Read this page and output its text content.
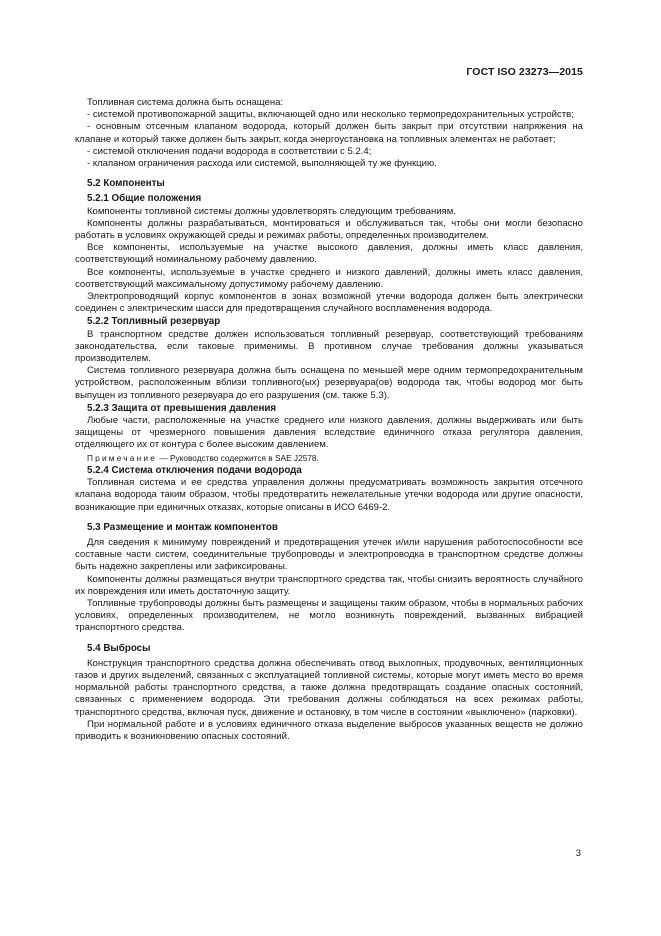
ГОСТ ISO 23273—2015

Топливная система должна быть оснащена:

- системой противопожарной защиты, включающей одно или несколько термопредохранительных устройств;

- основным отсечным клапаном водорода, который должен быть закрыт при отсутствии напряжения на клапане и который также должен быть закрыт, когда энергоустановка на топливных элементах не работает;

- системой отключения подачи водорода в соответствии с 5.2.4;

- клапаном ограничения расхода или системой, выполняющей ту же функцию.

5.2 Компоненты
5.2.1 Общие положения

Компоненты топливной системы должны удовлетворять следующим требованиям.

Компоненты должны разрабатываться, монтироваться и обслуживаться так, чтобы они могли безопасно работать в условиях окружающей среды и режимах работы, определенных производителем.

Все компоненты, используемые на участке высокого давления, должны иметь класс давления, соответствующий номинальному рабочему давлению.

Все компоненты, используемые в участке среднего и низкого давлений, должны иметь класс давления, соответствующий максимальному допустимому рабочему давлению.

Электропроводящий корпус компонентов в зонах возможной утечки водорода должен быть электрически соединен с электрическим шасси для предотвращения случайного воспламенения водорода.

5.2.2 Топливный резервуар

В транспортном средстве должен использоваться топливный резервуар, соответствующий требованиям законодательства, если таковые применимы. В противном случае требования должны указываться производителем.

Система топливного резервуара должна быть оснащена по меньшей мере одним термопредохранительным устройством, расположенным вблизи топливного(ых) резервуара(ов) водорода так, чтобы водород мог быть выпущен из топливного резервуара до его разрушения (см. также 5.3).

5.2.3 Защита от превышения давления

Любые части, расположенные на участке среднего или низкого давления, должны выдерживать или быть защищены от чрезмерного повышения давления вследствие единичного отказа регулятора давления, отделяющего их от контура с более высоким давлением.

Примечание — Руководство содержится в SAE J2578.

5.2.4 Система отключения подачи водорода

Топливная система и ее средства управления должны предусматривать возможность закрытия отсечного клапана водорода таким образом, чтобы предотвратить нежелательные утечки водорода или другие опасности, возникающие при единичных отказах, которые описаны в ИСО 6469-2.

5.3 Размещение и монтаж компонентов

Для сведения к минимуму повреждений и предотвращения утечек и/или нарушения работоспособности все составные части систем, соединительные трубопроводы и электропроводка в транспортном средстве должны быть надежно закреплены или зафиксированы.

Компоненты должны размещаться внутри транспортного средства так, чтобы снизить вероятность случайного их повреждения или иметь достаточную защиту.

Топливные трубопроводы должны быть размещены и защищены таким образом, чтобы в нормальных рабочих условиях, определенных производителем, не могло возникнуть повреждений, вызванных вибрацией транспортного средства.

5.4 Выбросы

Конструкция транспортного средства должна обеспечивать отвод выхлопных, продувочных, вентиляционных газов и других выделений, связанных с эксплуатацией топливной системы, которые могут иметь место во время нормальной работы транспортного средства, а также должна предотвращать создание опасных состояний, связанных с применением водорода. Эти требования должны соблюдаться на всех режимах работы, транспортного средства, включая пуск, движение и остановку, в том числе в состоянии «выключено» (парковки).

При нормальной работе и в условиях единичного отказа выделение выбросов указанных веществ не должно приводить к возникновению опасных состояний.

3
